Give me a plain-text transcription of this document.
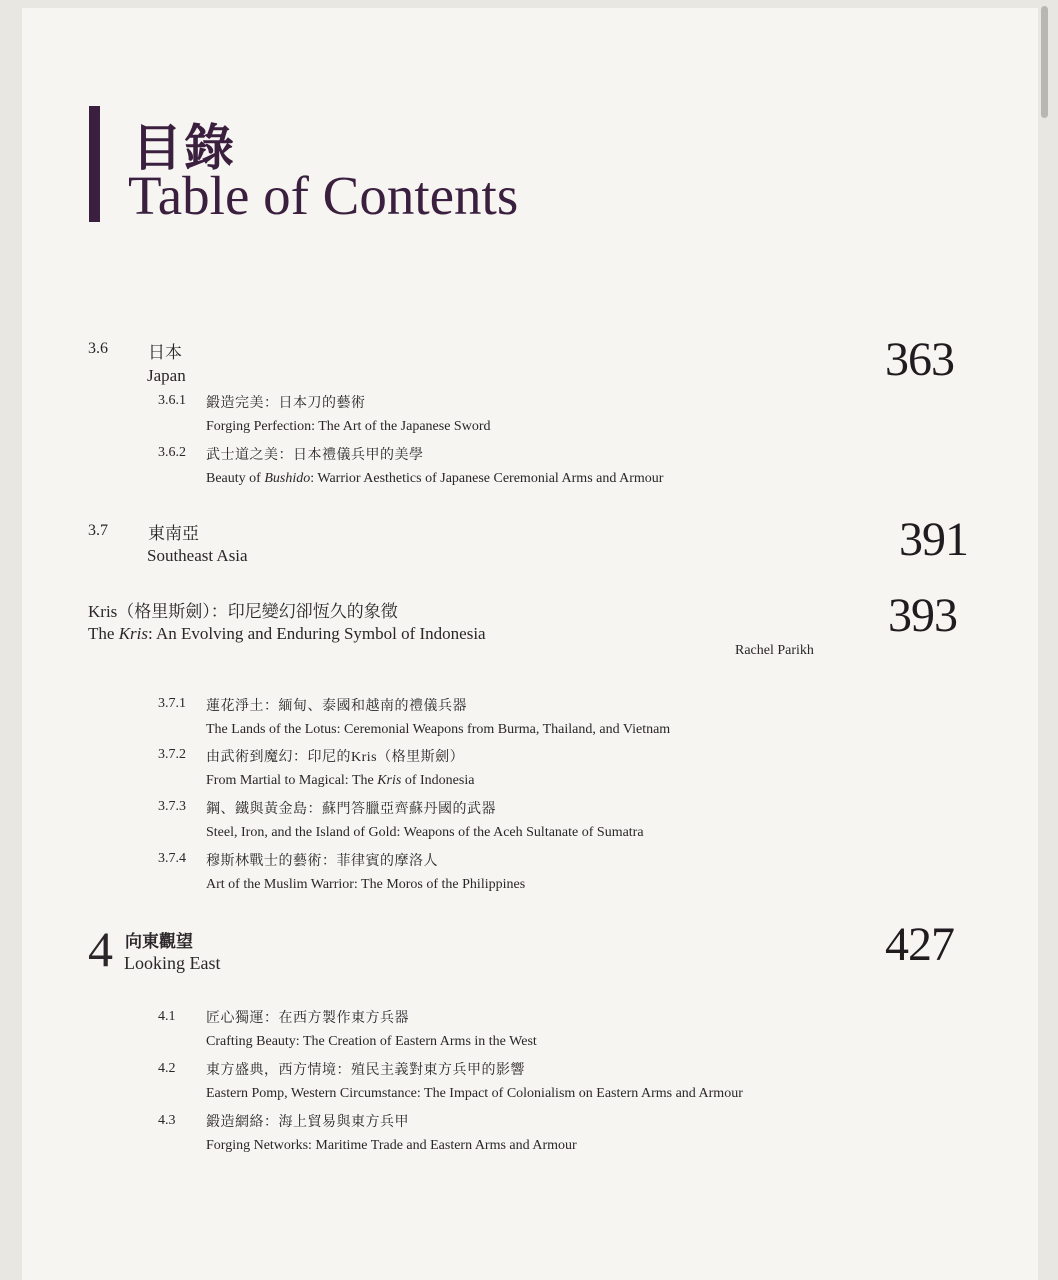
目錄
Table of Contents
3.6 日本
Japan	363
3.6.1 鍛造完美：日本刀的藝術
Forging Perfection: The Art of the Japanese Sword
3.6.2 武士道之美：日本禮儀兵甲的美學
Beauty of Bushido: Warrior Aesthetics of Japanese Ceremonial Arms and Armour
3.7 東南亞
Southeast Asia	391
Kris（格里斯劍）：印尼變幻卻恆久的象徵
The Kris: An Evolving and Enduring Symbol of Indonesia	393
Rachel Parikh
3.7.1 蓮花淨土：緬甸、泰國和越南的禮儀兵器
The Lands of the Lotus: Ceremonial Weapons from Burma, Thailand, and Vietnam
3.7.2 由武術到魔幻：印尼的Kris（格里斯劍）
From Martial to Magical: The Kris of Indonesia
3.7.3 鋼、鐵與黃金島：蘇門答臘亞齊蘇丹國的武器
Steel, Iron, and the Island of Gold: Weapons of the Aceh Sultanate of Sumatra
3.7.4 穆斯林戰士的藝術：菲律賓的摩洛人
Art of the Muslim Warrior: The Moros of the Philippines
4 向東觀望
Looking East	427
4.1 匠心獨運：在西方製作東方兵器
Crafting Beauty: The Creation of Eastern Arms in the West
4.2 東方盛典，西方情境：殖民主義對東方兵甲的影響
Eastern Pomp, Western Circumstance: The Impact of Colonialism on Eastern Arms and Armour
4.3 鍛造網絡：海上貿易與東方兵甲
Forging Networks: Maritime Trade and Eastern Arms and Armour
